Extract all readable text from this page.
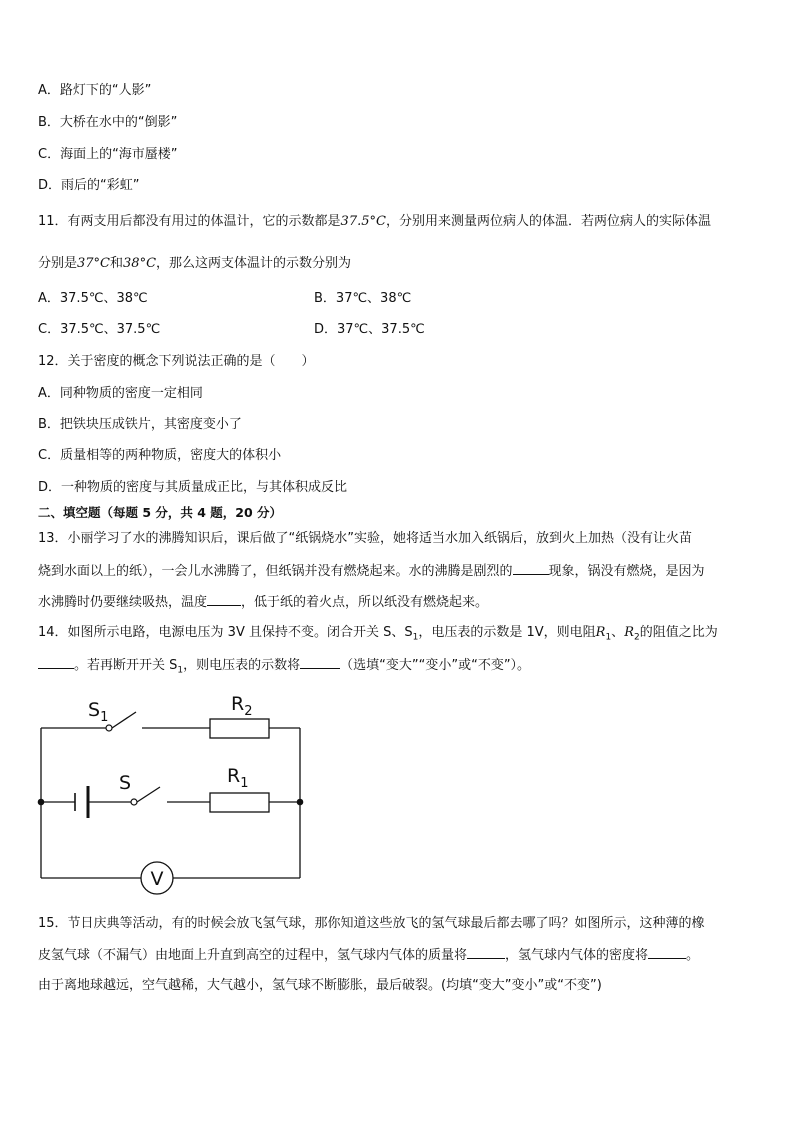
A．路灯下的“人影”
B．大桥在水中的“倒影”
C．海面上的“海市蜃楼”
D．雨后的“彩虹”
11．有两支用后都没有用过的体温计，它的示数都是37.5°C，分别用来测量两位病人的体温．若两位病人的实际体温
分别是37°C和38°C，那么这两支体温计的示数分别为
A．37.5℃、38℃	B．37℃、38℃
C．37.5℃、37.5℃	D．37℃、37.5℃
12．关于密度的概念下列说法正确的是（　　）
A．同种物质的密度一定相同
B．把铁块压成铁片，其密度变小了
C．质量相等的两种物质，密度大的体积小
D．一种物质的密度与其质量成正比，与其体积成反比
二、填空题（每题 5 分，共 4 题，20 分）
13．小丽学习了水的沸腾知识后，课后做了“纸锅烧水”实验，她将适当水加入纸锅后，放到火上加热（没有让火苗
烧到水面以上的纸），一会儿水沸腾了，但纸锅并没有燃烧起来。水的沸腾是剧烈的	现象，锅没有燃烧，是因为
水沸腾时仍要继续吸热，温度	，低于纸的着火点，所以纸没有燃烧起来。
14．如图所示电路，电源电压为 3V 且保持不变。闭合开关 S、$S_1$，电压表的示数是 1V，则电阻$R_1$、$R_2$的阻值之比为
。若再断开开关 $S_1$，则电压表的示数将	（选填“变大”“变小”或“不变”）。
$S_1$
$R_2$
S	$R_1$
V
15．节日庆典等活动，有的时候会放飞氢气球，那你知道这些放飞的氢气球最后都去哪了吗？如图所示，这种薄的橡
皮氢气球（不漏气）由地面上升直到高空的过程中，氢气球内气体的质量将	，氢气球内气体的密度将	。
由于离地球越远，空气越稀，大气越小，氢气球不断膨胀，最后破裂。(均填“变大”变小”或“不变”)
